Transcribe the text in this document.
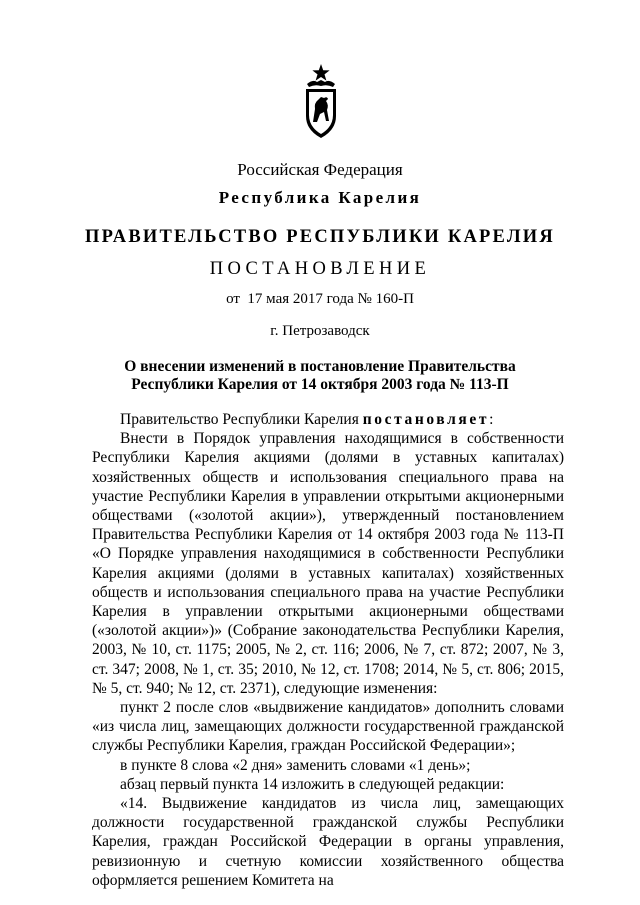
Российская Федерация
Республика Карелия
ПРАВИТЕЛЬСТВО РЕСПУБЛИКИ КАРЕЛИЯ
ПОСТАНОВЛЕНИЕ
от  17 мая 2017 года № 160-П
г. Петрозаводск
О внесении изменений в постановление Правительства
Республики Карелия от 14 октября 2003 года № 113-П

Правительство Республики Карелия постановляет:

Внести в Порядок управления находящимися в собственности Республики Карелия акциями (долями в уставных капиталах) хозяйственных обществ и использования специального права на участие Республики Карелия в управлении открытыми акционерными обществами («золотой акции»), утвержденный постановлением Правительства Республики Карелия от 14 октября 2003 года № 113-П «О Порядке управления находящимися в собственности Республики Карелия акциями (долями в уставных капиталах) хозяйственных обществ и использования специального права на участие Республики Карелия в управлении открытыми акционерными обществами («золотой акции»)» (Собрание законодательства Республики Карелия, 2003, № 10, ст. 1175; 2005, № 2, ст. 116; 2006, № 7, ст. 872; 2007, № 3, ст. 347; 2008, № 1, ст. 35; 2010, № 12, ст. 1708; 2014, № 5, ст. 806; 2015, № 5, ст. 940; № 12, ст. 2371), следующие изменения:

пункт 2 после слов «выдвижение кандидатов» дополнить словами «из числа лиц, замещающих должности государственной гражданской службы Республики Карелия, граждан Российской Федерации»;

в пункте 8 слова «2 дня» заменить словами «1 день»;

абзац первый пункта 14 изложить в следующей редакции:

«14. Выдвижение кандидатов из числа лиц, замещающих должности государственной гражданской службы Республики Карелия, граждан Российской Федерации в органы управления, ревизионную и счетную комиссии хозяйственного общества оформляется решением Комитета на
